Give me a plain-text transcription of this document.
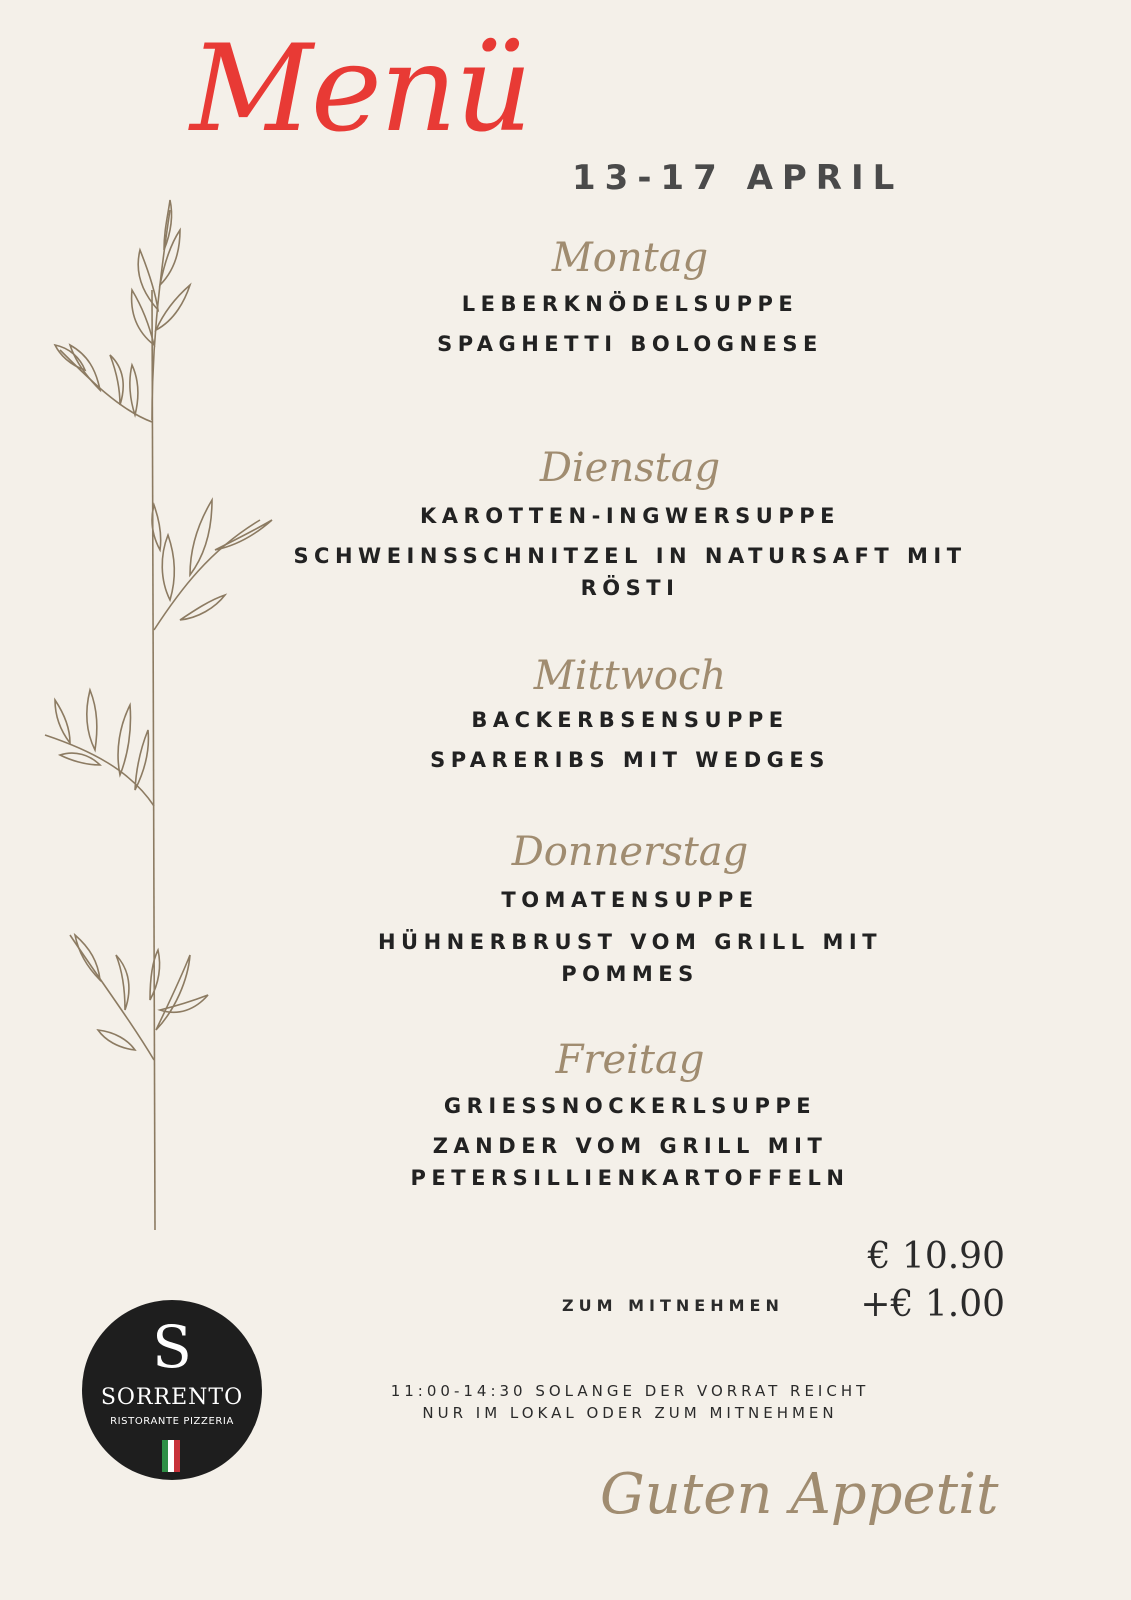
Menü
13-17 APRIL
Montag
LEBERKNÖDELSUPPE
SPAGHETTI BOLOGNESE
Dienstag
KAROTTEN-INGWERSUPPE
SCHWEINSSCHNITZEL IN NATURSAFT MIT RÖSTI
Mittwoch
BACKERBSENSUPPE
SPARERIBS MIT WEDGES
Donnerstag
TOMATENSUPPE
HÜHNERBRUST VOM GRILL MIT POMMES
Freitag
GRIESSNOCKERLSUPPE
ZANDER VOM GRILL MIT PETERSILLIENKARTOFFELN
€ 10.90
ZUM MITNEHMEN +€ 1.00
11:00-14:30 SOLANGE DER VORRAT REICHT
NUR IM LOKAL ODER ZUM MITNEHMEN
S
SORRENTO
RISTORANTE PIZZERIA
Guten Appetit
